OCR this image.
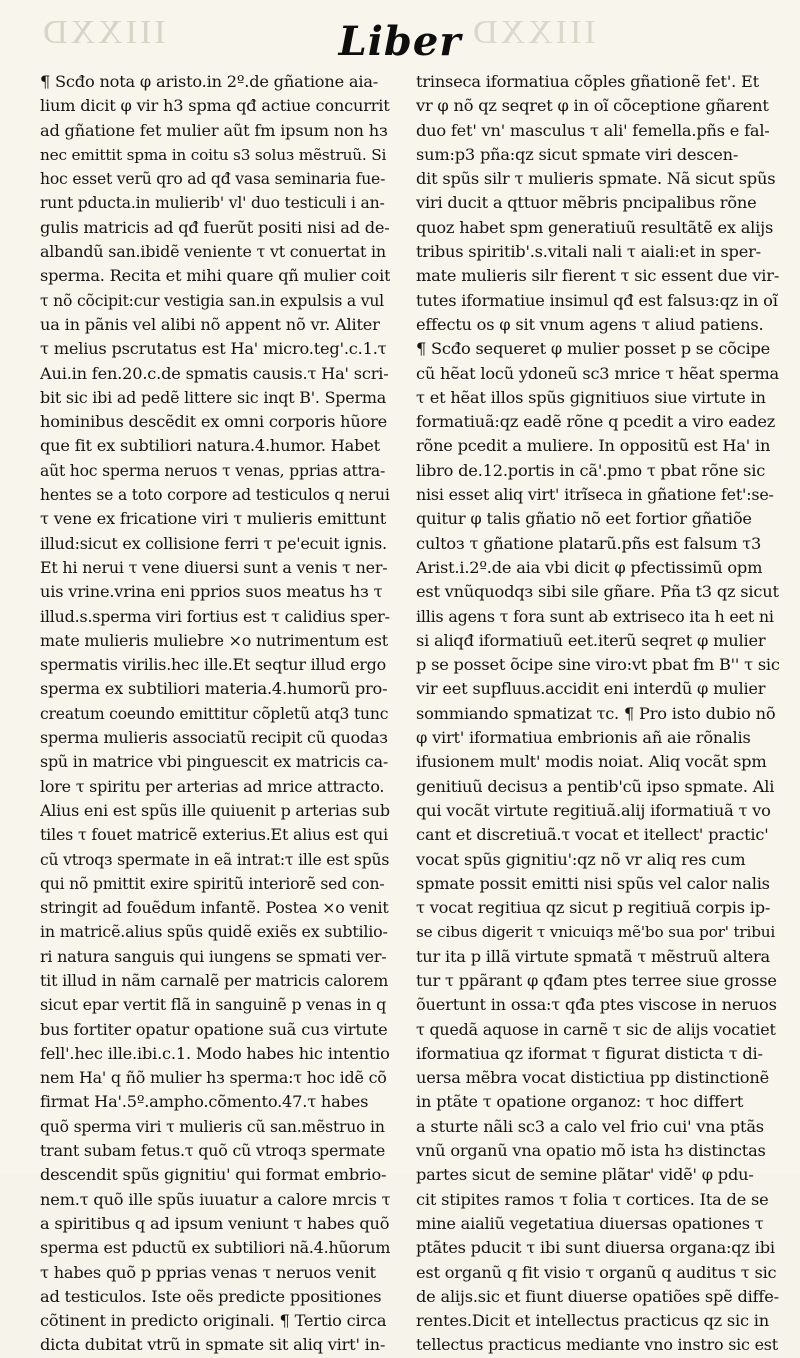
IIIXXD	IIIXXD
Liber
¶ Scđo nota φ aristo.in 2º.de gñatione aia-
lium dicit φ vir h3 spma qđ actiue concurrit
ad gñatione fet mulier aũt fm ipsum non hз
nec emittit spma in coitu s3 soluз mẽstruũ. Si
hoc esset verũ qro ad qđ vasa seminaria fue-
runt pducta.in mulierib' vl' duo testiculi i an-
gulis matricis ad qđ fuerũt positi nisi ad de-
albandũ san.ibidẽ veniente τ vt conuertat in
sperma. Recita et mihi quare qñ mulier coit
τ nõ cõcipit:cur vestigia san.in expulsis a vul
ua in pãnis vel alibi nõ appent nõ vr. Aliter
τ melius pscrutatus est Ha' micro.teg'.c.1.τ
Aui.in fen.20.c.de spmatis causis.τ Ha' scri-
bit sic ibi ad pedẽ littere sic inqt B'. Sperma
hominibus descẽdit ex omni corporis hũore
que fit ex subtiliori natura.4.humor. Habet
aũt hoc sperma neruos τ venas, pprias attra-
hentes se a toto corpore ad testiculos q nerui
τ vene ex fricatione viri τ mulieris emittunt
illud:sicut ex collisione ferri τ pe'ecuit ignis.
Et hi nerui τ vene diuersi sunt a venis τ ner-
uis vrine.vrina eni pprios suos meatus hз τ
illud.s.sperma viri fortius est τ calidius sper-
mate mulieris muliebre ×o nutrimentum est
spermatis virilis.hec ille.Et seqtur illud ergo
sperma ex subtiliori materia.4.humorũ pro-
creatum coeundo emittitur cõpletũ atq3 tunc
sperma mulieris associatũ recipit cũ quodaз
spũ in matrice vbi pinguescit ex matricis ca-
lore τ spiritu per arterias ad mrice attracto.
Alius eni est spũs ille quiuenit p arterias sub
tiles τ fouet matricẽ exterius.Et alius est qui
cũ vtroqз spermate in eã intrat:τ ille est spũs
qui nõ pmittit exire spiritũ interiorẽ sed con-
stringit ad fouẽdum infantẽ. Postea ×o venit
in matricẽ.alius spũs quidẽ exiẽs ex subtilio-
ri natura sanguis qui iungens se spmati ver-
tit illud in nãm carnalẽ per matricis calorem
sicut epar vertit flã in sanguinẽ p venas in q
bus fortiter opatur opatione suã cuз virtute
fell'.hec ille.ibi.c.1. Modo habes hic intentio
nem Ha' q ñõ mulier hз sperma:τ hoc idẽ cõ
firmat Ha'.5º.ampho.cõmento.47.τ habes
quõ sperma viri τ mulieris cũ san.mẽstruo in
trant subam fetus.τ quõ cũ vtroqз spermate
descendit spũs gignitiu' qui format embrio-
nem.τ quõ ille spũs iuuatur a calore mrcis τ
a spiritibus q ad ipsum veniunt τ habes quõ
sperma est pductũ ex subtiliori nã.4.hũorum
τ habes quõ p pprias venas τ neruos venit
ad testiculos. Iste oẽs predicte ppositiones
cõtinent in predicto originali. ¶ Tertio circa
dicta dubitat vtrũ in spmate sit aliq virt' in-
trinseca iformatiua cõples gñationẽ fet'. Et
vr φ nõ qz seqret φ in oĩ cõceptione gñarent
duo fet' vn' masculus τ ali' femella.pñs e fal-
sum:p3 pña:qz sicut spmate viri descen-
dit spũs silr τ mulieris spmate. Nã sicut spũs
viri ducit a qttuor mẽbris pncipalibus rõne
quoz habet spm generatiuũ resultãtẽ ex alijs
tribus spiritib'.s.vitali nali τ aiali:et in sper-
mate mulieris silr fierent τ sic essent due vir-
tutes iformatiue insimul qđ est falsuз:qz in oĩ
effectu os φ sit vnum agens τ aliud patiens.
¶ Scđo sequeret φ mulier posset p se cõcipe
cũ hẽat locũ ydoneũ sc3 mrice τ hẽat sperma
τ et hẽat illos spũs gignitiuos siue virtute in
formatiuã:qz eadẽ rõne q pcedit a viro eadez
rõne pcedit a muliere. In oppositũ est Ha' in
libro de.12.portis in cã'.pmo τ pbat rõne sic
nisi esset aliq virt' itrĩseca in gñatione fet':se-
quitur φ talis gñatio nõ eet fortior gñatiõe
cultoз τ gñatione platarũ.pñs est falsum τ3
Arist.i.2º.de aia vbi dicit φ pfectissimũ opm
est vnũquodqз sibi sile gñare. Pña t3 qz sicut
illis agens τ fora sunt ab extriseco ita h eet ni
si aliqđ iformatiuũ eet.iterũ seqret φ mulier
p se posset õcipe sine viro:vt pbat fm B'' τ sic
vir eet supfluus.accidit eni interdũ φ mulier
sommiando spmatizat τc. ¶ Pro isto dubio nõ
φ virt' iformatiua embrionis añ aie rõnalis
ifusionem mult' modis noiat. Aliq vocãt spm
genitiuũ decisuз a pentib'cũ ipso spmate. Ali
qui vocãt virtute regitiuã.alij iformatiuã τ vo
cant et discretiuã.τ vocat et itellect' practic'
vocat spũs gignitiu':qz nõ vr aliq res cum
spmate possit emitti nisi spũs vel calor nalis
τ vocat regitiua qz sicut p regitiuã corpis ip-
se cibus digerit τ vnicuiqз mẽ'bo sua por' tribui
tur ita p illã virtute spmatã τ mẽstruũ altera
tur τ ppãrant φ qđam ptes terree siue grosse
õuertunt in ossa:τ qđa ptes viscose in neruos
τ quedã aquose in carnẽ τ sic de alijs vocatiet
iformatiua qz iformat τ figurat disticta τ di-
uersa mẽbra vocat distictiua pp distinctionẽ
in ptãte τ opatione organoz: τ hoc differt
a sturte nãli sc3 a calo vel frio cui' vna ptãs
vnũ organũ vna opatio mõ ista hз distinctas
partes sicut de semine plãtar' vidẽ' φ pdu-
cit stipites ramos τ folia τ cortices. Ita de se
mine aialiũ vegetatiua diuersas opationes τ
ptãtes pducit τ ibi sunt diuersa organa:qz ibi
est organũ q fit visio τ organũ q auditus τ sic
de alijs.sic et fiunt diuerse opatiões spẽ diffe-
rentes.Dicit et intellectus practicus qz sic in
tellectus practicus mediante vno instro sic est
